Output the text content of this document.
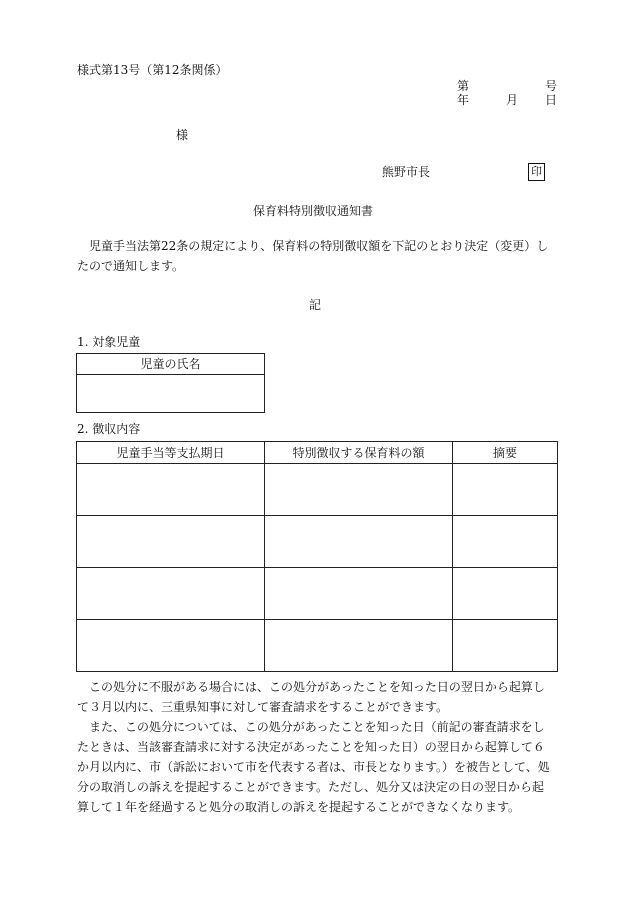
様式第13号（第12条関係）
第	号
年	月 日
様
熊野市長	印
保育料特別徴収通知書
児童手当法第22条の規定により、保育料の特別徴収額を下記のとおり決定（変更）したので通知します。
記
1. 対象児童
児童の氏名

2. 徴収内容
児童手当等支払期日	特別徴収する保育料の額	摘要

この処分に不服がある場合には、この処分があったことを知った日の翌日から起算して３月以内に、三重県知事に対して審査請求をすることができます。
また、この処分については、この処分があったことを知った日（前記の審査請求をしたときは、当該審査請求に対する決定があったことを知った日）の翌日から起算して６か月以内に、市（訴訟において市を代表する者は、市長となります。）を被告として、処分の取消しの訴えを提起することができます。ただし、処分又は決定の日の翌日から起算して１年を経過すると処分の取消しの訴えを提起することができなくなります。
